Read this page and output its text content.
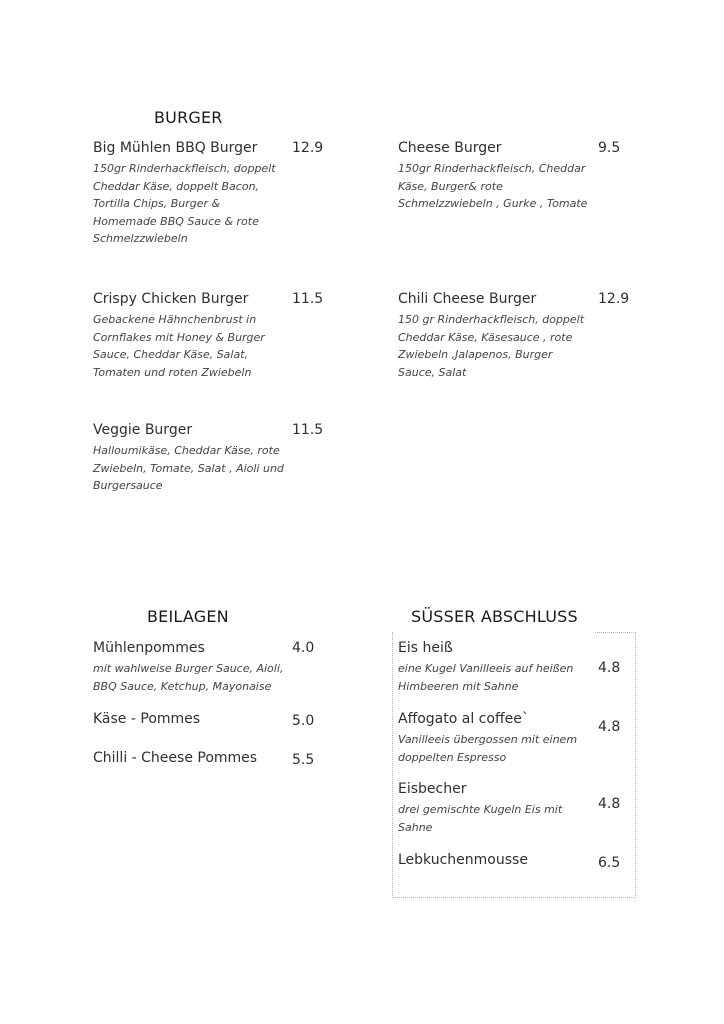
BURGER
Big Mühlen BBQ Burger
150gr Rinderhackfleisch, doppelt
Cheddar Käse, doppelt Bacon,
Tortilla Chips, Burger &
Homemade BBQ Sauce & rote
Schmelzzwiebeln
12.9	Cheese Burger
150gr Rinderhackfleisch, Cheddar
Käse, Burger& rote
Schmelzzwiebeln , Gurke , Tomate
9.5
Crispy Chicken Burger
Gebackene Hähnchenbrust in
Cornflakes mit Honey & Burger
Sauce, Cheddar Käse, Salat,
Tomaten und roten Zwiebeln
11.5	Chili Cheese Burger
150 gr Rinderhackfleisch, doppelt
Cheddar Käse, Käsesauce , rote
Zwiebeln ,Jalapenos, Burger
Sauce, Salat
12.9
Veggie Burger
Halloumikäse, Cheddar Käse, rote
Zwiebeln, Tomate, Salat , Aioli und
Burgersauce
11.5
BEILAGEN
Mühlenpommes
mit wahlweise Burger Sauce, Aioli,
BBQ Sauce, Ketchup, Mayonaise
4.0
Käse - Pommes	5.0
Chilli - Cheese Pommes	5.5
SÜSSER ABSCHLUSS
Eis heiß
eine Kugel Vanilleeis auf heißen
Himbeeren mit Sahne
4.8
Affogato al coffee`
Vanilleeis übergossen mit einem
doppelten Espresso
4.8
Eisbecher
drei gemischte Kugeln Eis mit
Sahne
4.8
Lebkuchenmousse	6.5
